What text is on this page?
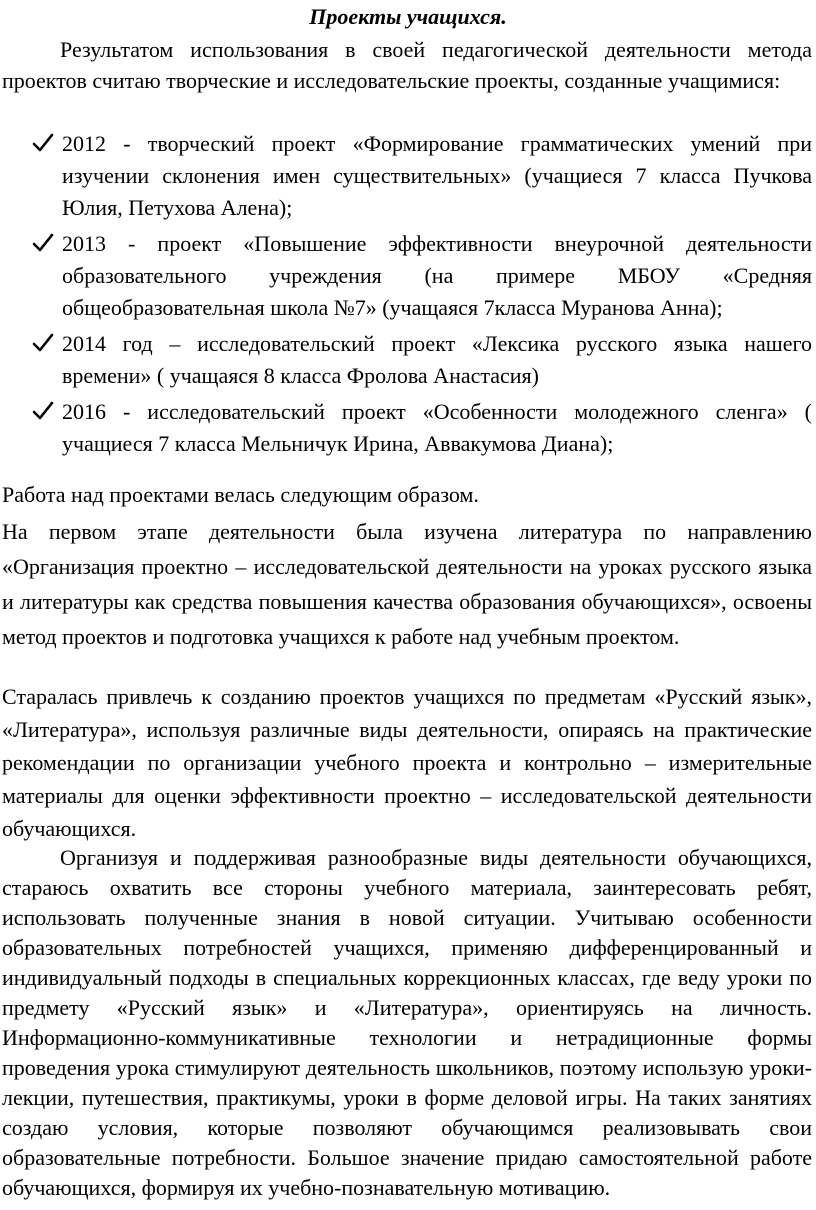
Проекты учащихся.

Результатом использования в своей педагогической деятельности метода проектов считаю творческие и исследовательские проекты, созданные учащимися:

2012 - творческий проект «Формирование грамматических умений при изучении склонения имен существительных» (учащиеся 7 класса Пучкова Юлия, Петухова Алена);
2013 - проект «Повышение эффективности внеурочной деятельности образовательного учреждения (на примере МБОУ «Средняя общеобразовательная школа №7» (учащаяся 7класса Муранова Анна);
2014 год – исследовательский проект «Лексика русского языка нашего времени» ( учащаяся 8 класса Фролова Анастасия)
2016 - исследовательский проект «Особенности молодежного сленга» ( учащиеся 7 класса Мельничук Ирина, Аввакумова Диана);

Работа над проектами велась следующим образом.

На первом этапе деятельности была изучена литература по направлению «Организация проектно – исследовательской деятельности на уроках русского языка и литературы как средства повышения качества образования обучающихся», освоены метод проектов и подготовка учащихся к работе над учебным проектом.

Старалась привлечь к созданию проектов учащихся по предметам «Русский язык», «Литература», используя различные виды деятельности, опираясь на практические рекомендации по организации учебного проекта и контрольно – измерительные материалы для оценки эффективности проектно – исследовательской деятельности обучающихся.

Организуя и поддерживая разнообразные виды деятельности обучающихся, стараюсь охватить все стороны учебного материала, заинтересовать ребят, использовать полученные знания в новой ситуации. Учитываю особенности образовательных потребностей учащихся, применяю дифференцированный и индивидуальный подходы в специальных коррекционных классах, где веду уроки по предмету «Русский язык» и «Литература», ориентируясь на личность. Информационно-коммуникативные технологии и нетрадиционные формы проведения урока стимулируют деятельность школьников, поэтому использую уроки-лекции, путешествия, практикумы, уроки в форме деловой игры. На таких занятиях создаю условия, которые позволяют обучающимся реализовывать свои образовательные потребности. Большое значение придаю самостоятельной работе обучающихся, формируя их учебно-познавательную мотивацию.
